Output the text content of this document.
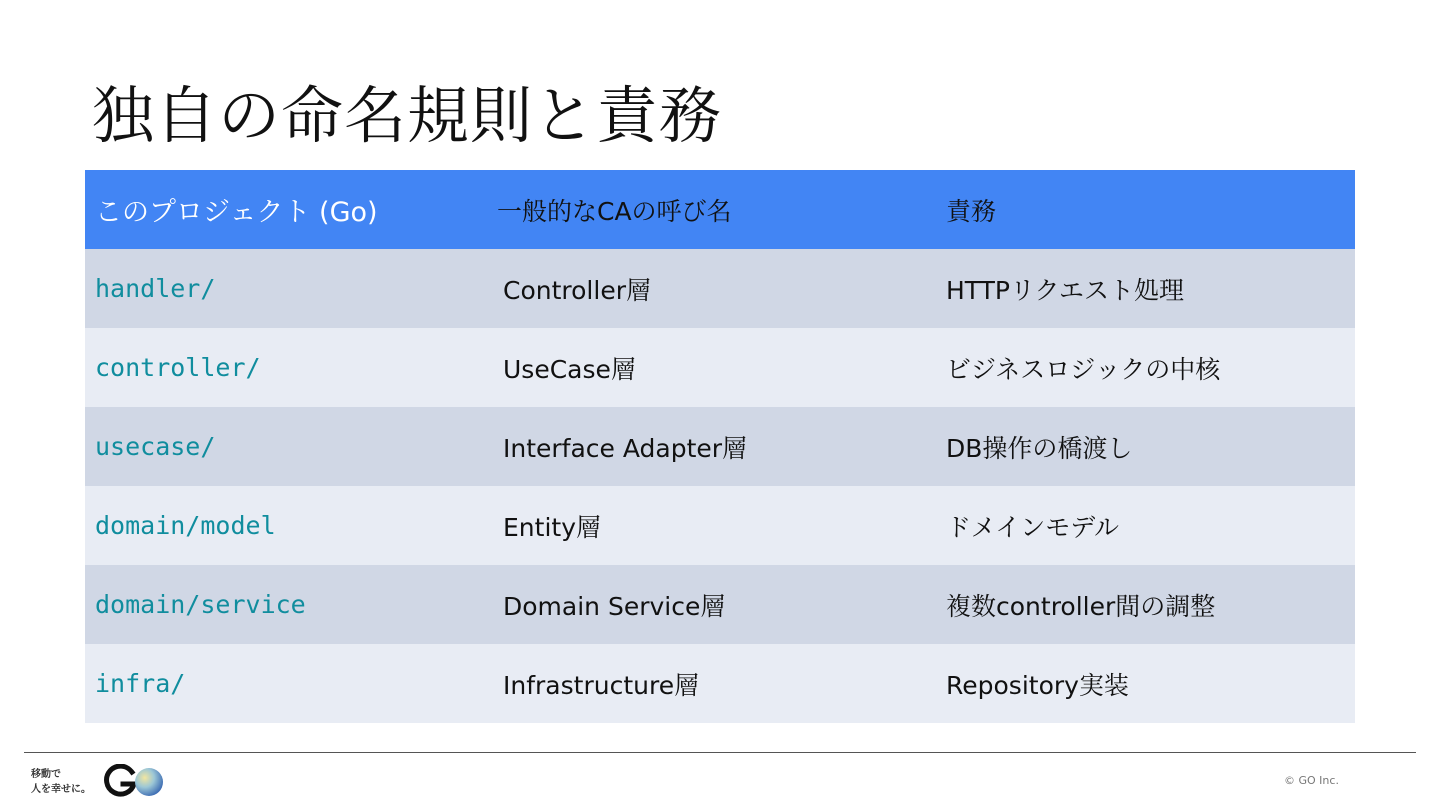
独自の命名規則と責務
このプロジェクト (Go)	一般的なCAの呼び名	責務
handler/	Controller層	HTTPリクエスト処理
controller/	UseCase層	ビジネスロジックの中核
usecase/	Interface Adapter層	DB操作の橋渡し
domain/model	Entity層	ドメインモデル
domain/service	Domain Service層	複数controller間の調整
infra/	Infrastructure層	Repository実装
移動で
人を幸せに。
© GO Inc.
